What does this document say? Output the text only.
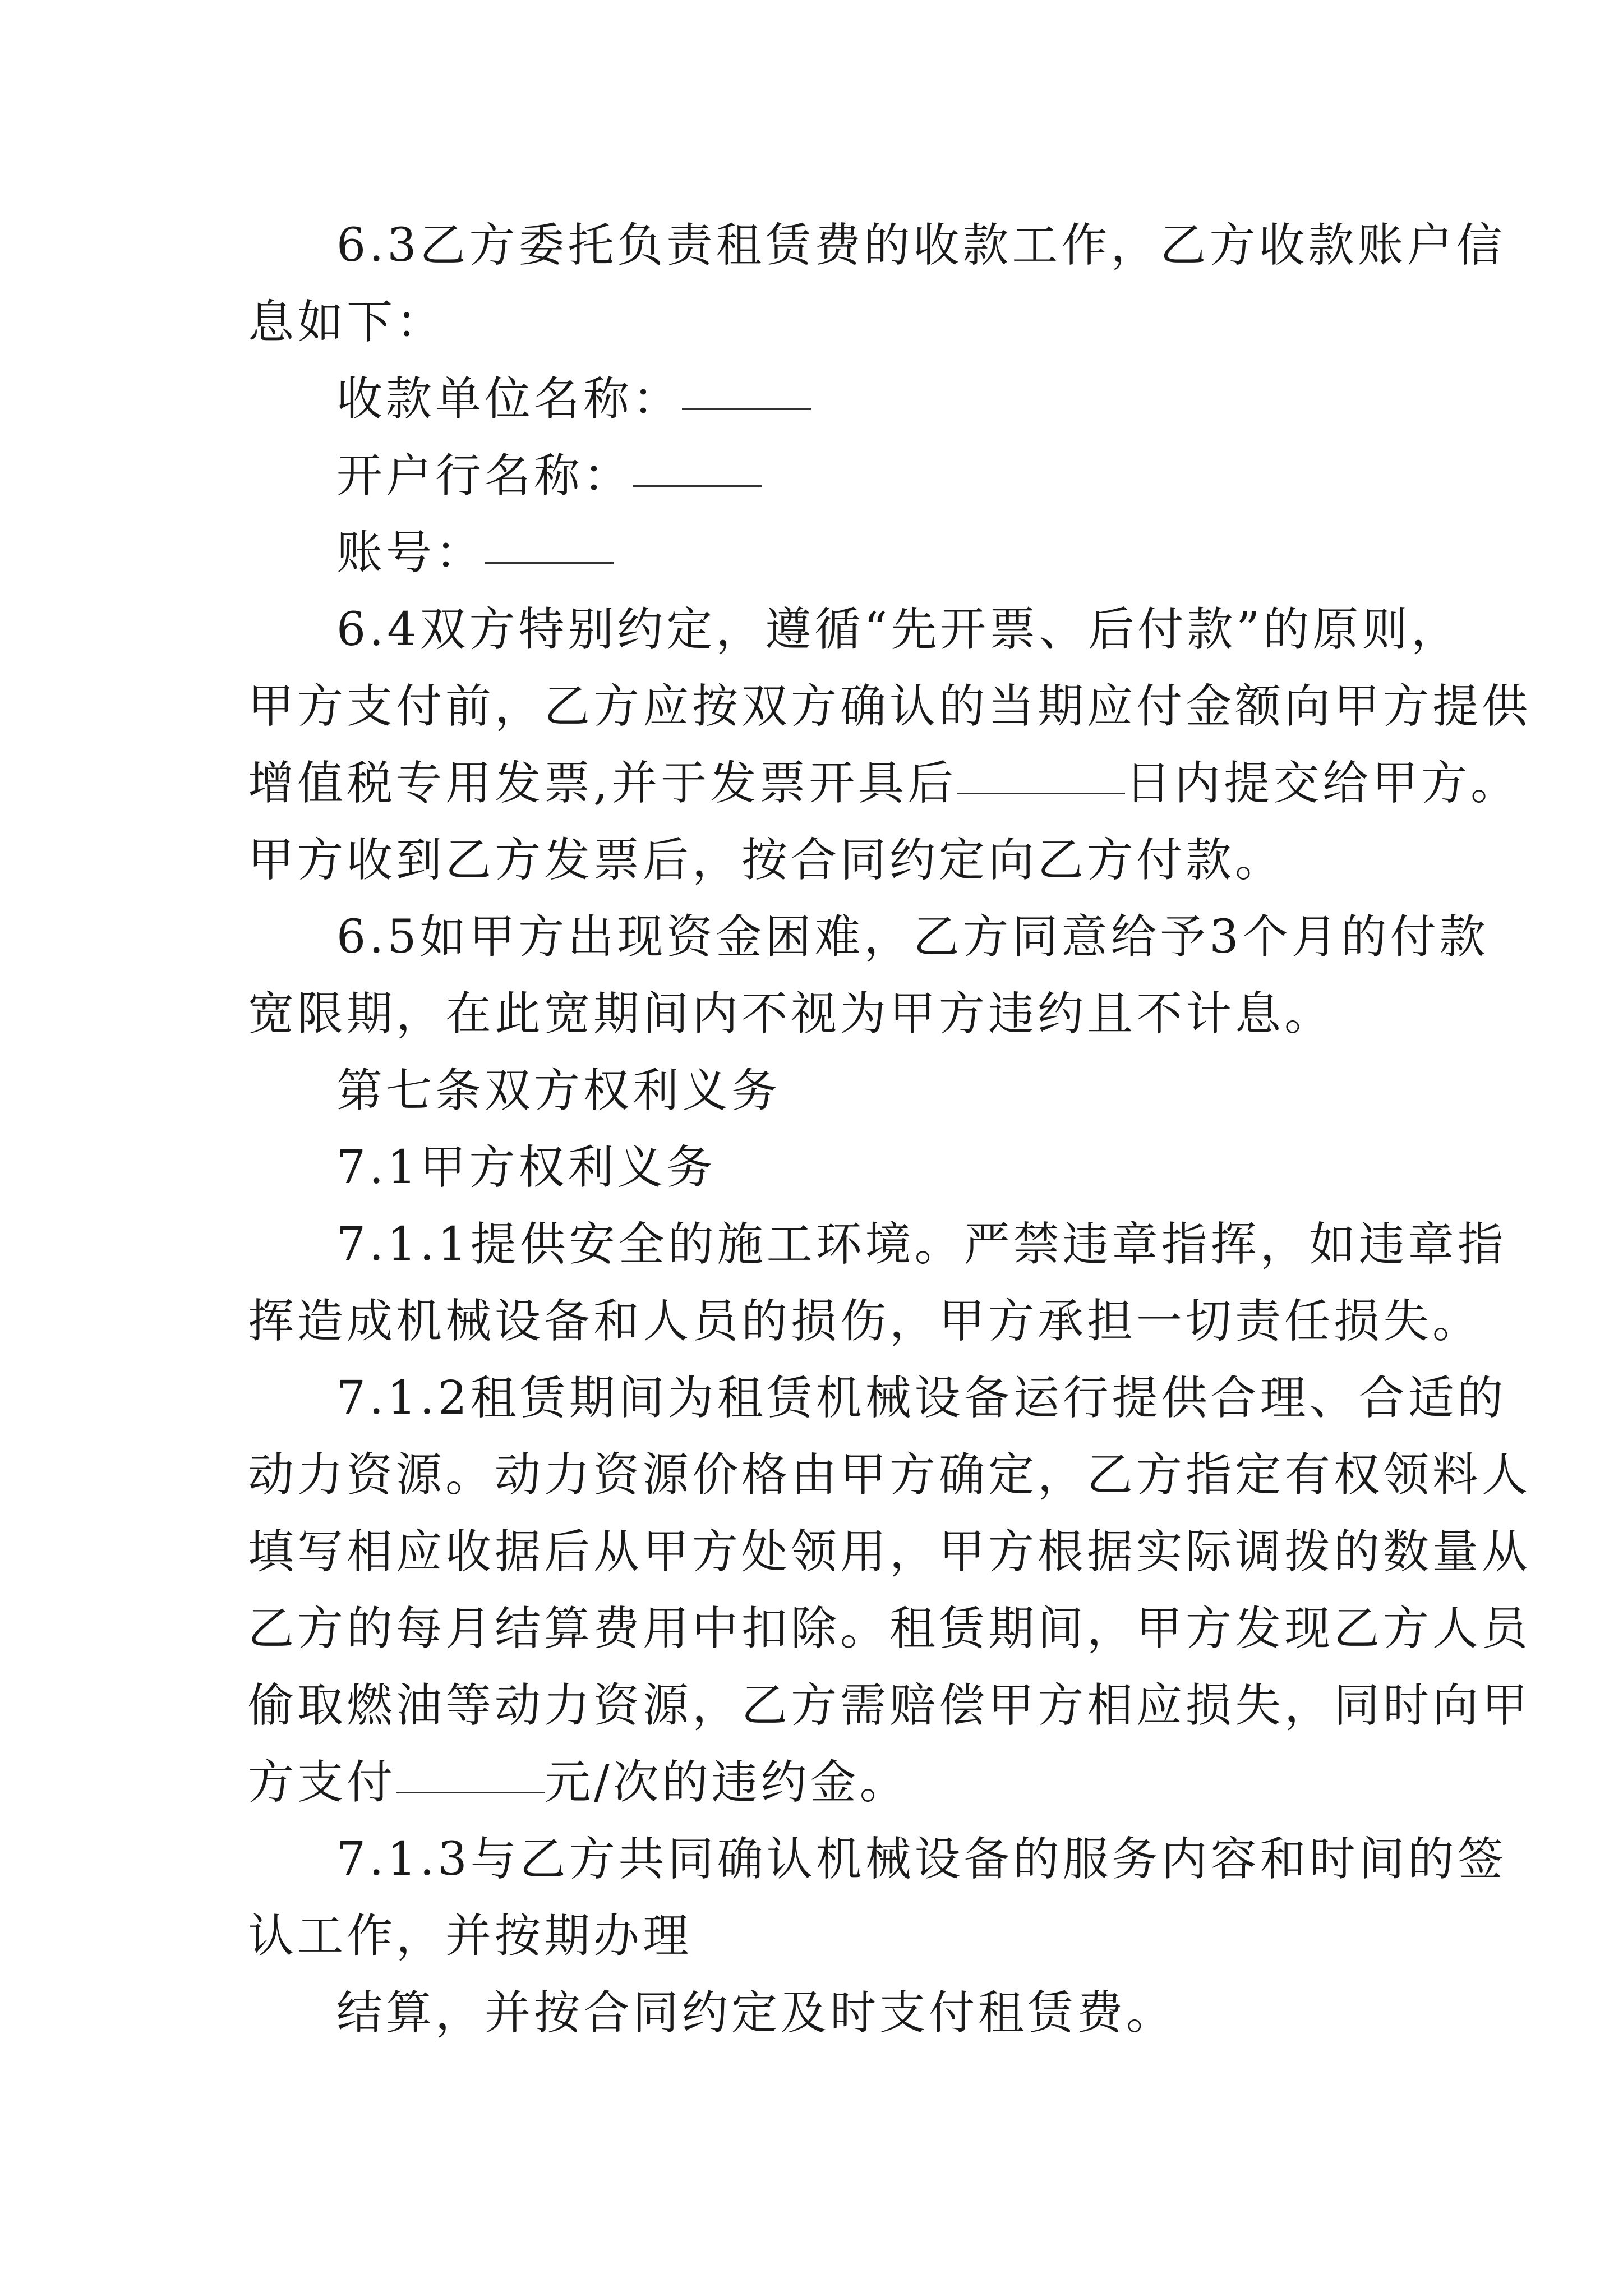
6.3乙方委托负责租赁费的收款工作，乙方收款账户信
息如下：
收款单位名称：
开户行名称：
账号：
6.4双方特别约定，遵循“先开票、后付款”的原则，
甲方支付前，乙方应按双方确认的当期应付金额向甲方提供
增值税专用发票,并于发票开具后	日内提交给甲方。
甲方收到乙方发票后，按合同约定向乙方付款。
6.5如甲方出现资金困难，乙方同意给予3个月的付款
宽限期，在此宽期间内不视为甲方违约且不计息。
第七条双方权利义务
7.1甲方权利义务
7.1.1提供安全的施工环境。严禁违章指挥，如违章指
挥造成机械设备和人员的损伤，甲方承担一切责任损失。
7.1.2租赁期间为租赁机械设备运行提供合理、合适的
动力资源。动力资源价格由甲方确定，乙方指定有权领料人
填写相应收据后从甲方处领用，甲方根据实际调拨的数量从
乙方的每月结算费用中扣除。租赁期间，甲方发现乙方人员
偷取燃油等动力资源，乙方需赔偿甲方相应损失，同时向甲
方支付	元/次的违约金。
7.1.3与乙方共同确认机械设备的服务内容和时间的签
认工作，并按期办理
结算，并按合同约定及时支付租赁费。
